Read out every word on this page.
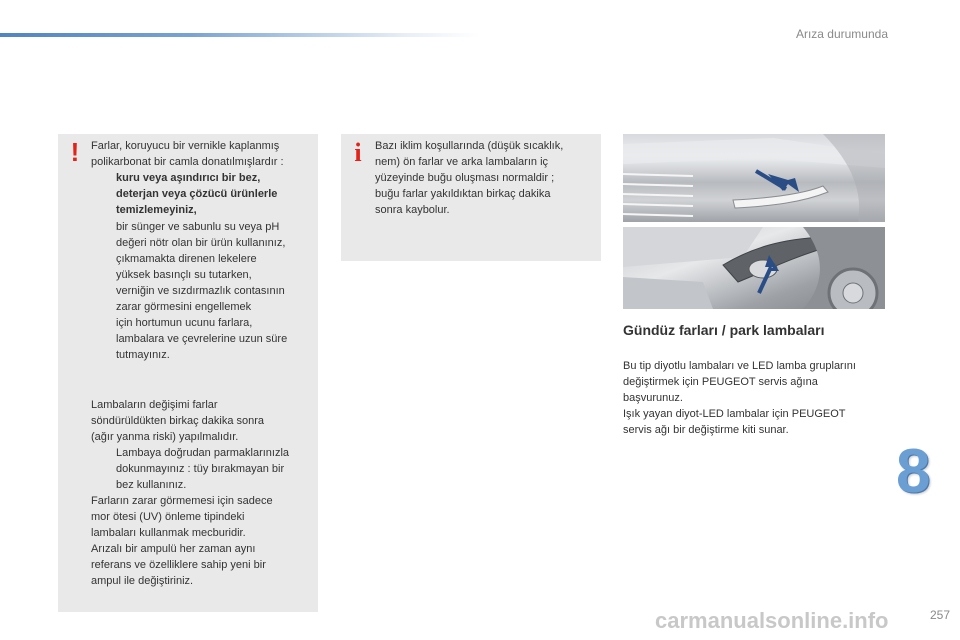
Arıza durumunda
! Farlar, koruyucu bir vernikle kaplanmış
polikarbonat bir camla donatılmışlardır :
kuru veya aşındırıcı bir bez,
deterjan veya çözücü ürünlerle
temizlemeyiniz,
bir sünger ve sabunlu su veya pH
değeri nötr olan bir ürün kullanınız,
çıkmamakta direnen lekelere
yüksek basınçlı su tutarken,
verniğin ve sızdırmazlık contasının
zarar görmesini engellemek
için hortumun ucunu farlara,
lambalara ve çevrelerine uzun süre
tutmayınız.
Lambaların değişimi farlar
söndürüldükten birkaç dakika sonra
(ağır yanma riski) yapılmalıdır.
Lambaya doğrudan parmaklarınızla
dokunmayınız : tüy bırakmayan bir
bez kullanınız.
Farların zarar görmemesi için sadece
mor ötesi (UV) önleme tipindeki
lambaları kullanmak mecburidir.
Arızalı bir ampulü her zaman aynı
referans ve özelliklere sahip yeni bir
ampul ile değiştiriniz.
i	Bazı iklim koşullarında (düşük sıcaklık,
nem) ön farlar ve arka lambaların iç
yüzeyinde buğu oluşması normaldir ;
buğu farlar yakıldıktan birkaç dakika
sonra kaybolur.
Gündüz farları / park lambaları
Bu tip diyotlu lambaları ve LED lamba gruplarını
değiştirmek için PEUGEOT servis ağına
başvurunuz.
Işık yayan diyot-LED lambalar için PEUGEOT
servis ağı bir değiştirme kiti sunar.
8
257
carmanualsonline.info
